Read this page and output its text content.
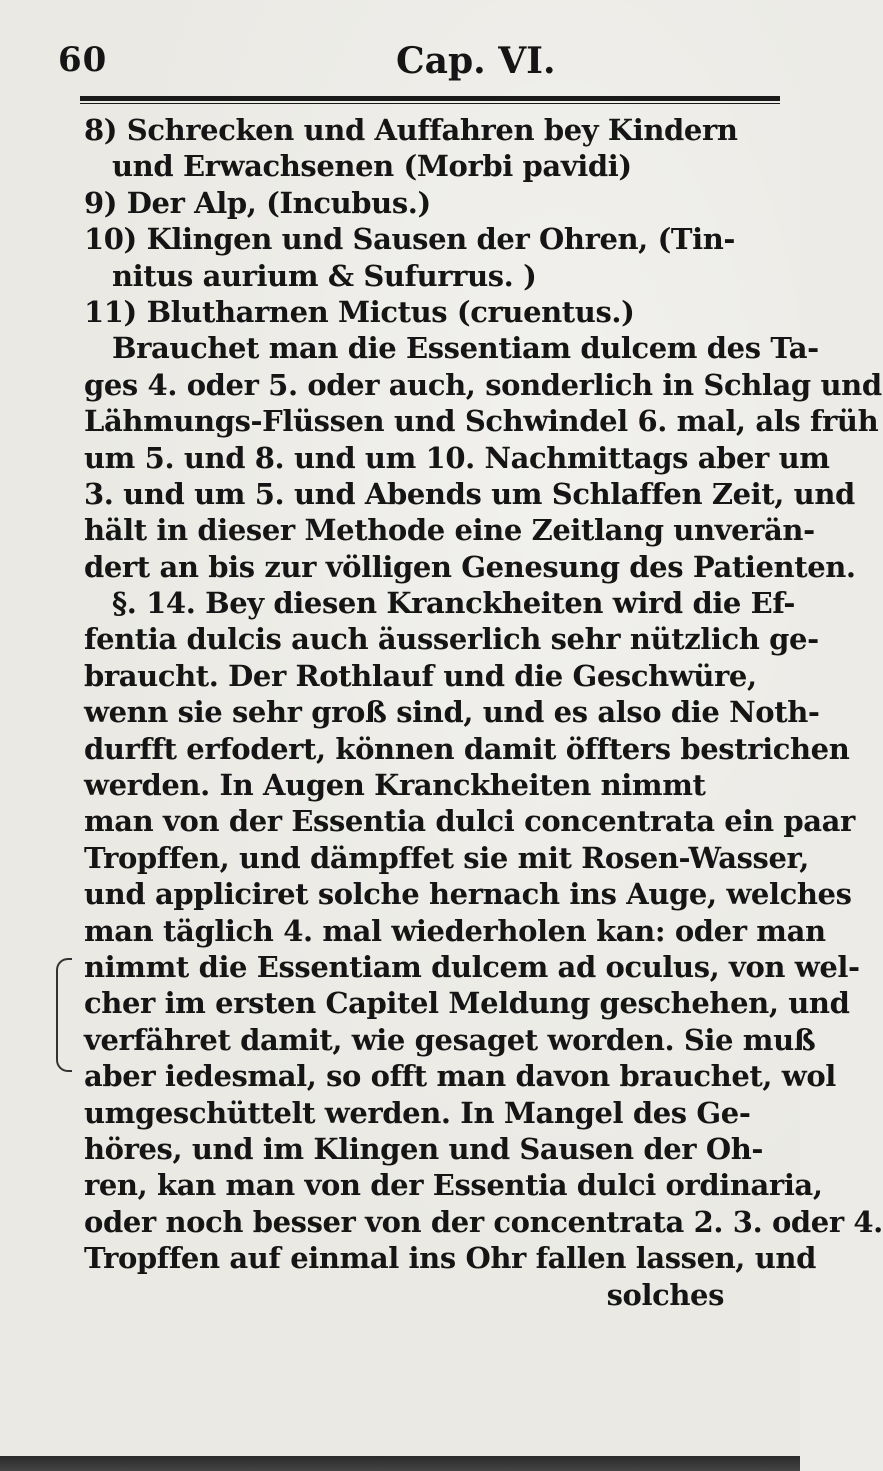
60	Cap. VI.
8) Schrecken und Auffahren bey Kindern
und Erwachsenen (Morbi pavidi)
9) Der Alp, (Incubus.)
10) Klingen und Sausen der Ohren, (Tin-
nitus aurium & Sufurrus. )
11) Blutharnen Mictus (cruentus.)
Brauchet man die Essentiam dulcem des Ta-
ges 4. oder 5. oder auch, sonderlich in Schlag und
Lähmungs-Flüssen und Schwindel 6. mal, als früh
um 5. und 8. und um 10. Nachmittags aber um
3. und um 5. und Abends um Schlaffen Zeit, und
hält in dieser Methode eine Zeitlang unverän-
dert an bis zur völligen Genesung des Patienten.
§. 14. Bey diesen Kranckheiten wird die Ef-
fentia dulcis auch äusserlich sehr nützlich ge-
braucht. Der Rothlauf und die Geschwüre,
wenn sie sehr groß sind, und es also die Noth-
durfft erfodert, können damit öffters bestrichen
werden. In Augen Kranckheiten nimmt
man von der Essentia dulci concentrata ein paar
Tropffen, und dämpffet sie mit Rosen-Wasser,
und appliciret solche hernach ins Auge, welches
man täglich 4. mal wiederholen kan: oder man
nimmt die Essentiam dulcem ad oculus, von wel-
cher im ersten Capitel Meldung geschehen, und
verfähret damit, wie gesaget worden. Sie muß
aber iedesmal, so offt man davon brauchet, wol
umgeschüttelt werden. In Mangel des Ge-
höres, und im Klingen und Sausen der Oh-
ren, kan man von der Essentia dulci ordinaria,
oder noch besser von der concentrata 2. 3. oder 4.
Tropffen auf einmal ins Ohr fallen lassen, und
solches
